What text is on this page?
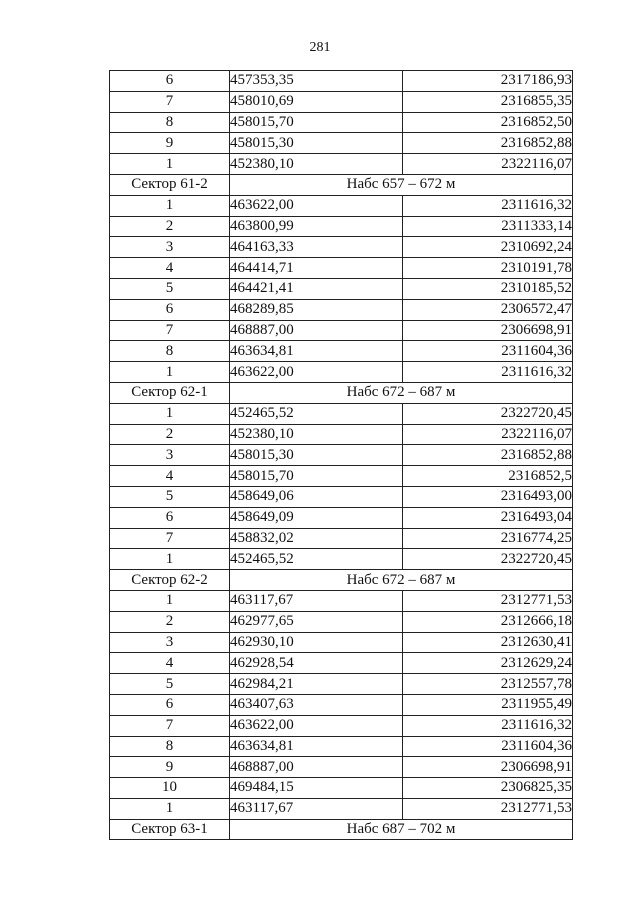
281
6	457353,35	2317186,93
7	458010,69	2316855,35
8	458015,70	2316852,50
9	458015,30	2316852,88
1	452380,10	2322116,07
Сектор 61-2	Набс 657 – 672 м	
1	463622,00	2311616,32
2	463800,99	2311333,14
3	464163,33	2310692,24
4	464414,71	2310191,78
5	464421,41	2310185,52
6	468289,85	2306572,47
7	468887,00	2306698,91
8	463634,81	2311604,36
1	463622,00	2311616,32
Сектор 62-1	Набс 672 – 687 м	
1	452465,52	2322720,45
2	452380,10	2322116,07
3	458015,30	2316852,88
4	458015,70	2316852,5
5	458649,06	2316493,00
6	458649,09	2316493,04
7	458832,02	2316774,25
1	452465,52	2322720,45
Сектор 62-2	Набс 672 – 687 м	
1	463117,67	2312771,53
2	462977,65	2312666,18
3	462930,10	2312630,41
4	462928,54	2312629,24
5	462984,21	2312557,78
6	463407,63	2311955,49
7	463622,00	2311616,32
8	463634,81	2311604,36
9	468887,00	2306698,91
10	469484,15	2306825,35
1	463117,67	2312771,53
Сектор 63-1	Набс 687 – 702 м	
